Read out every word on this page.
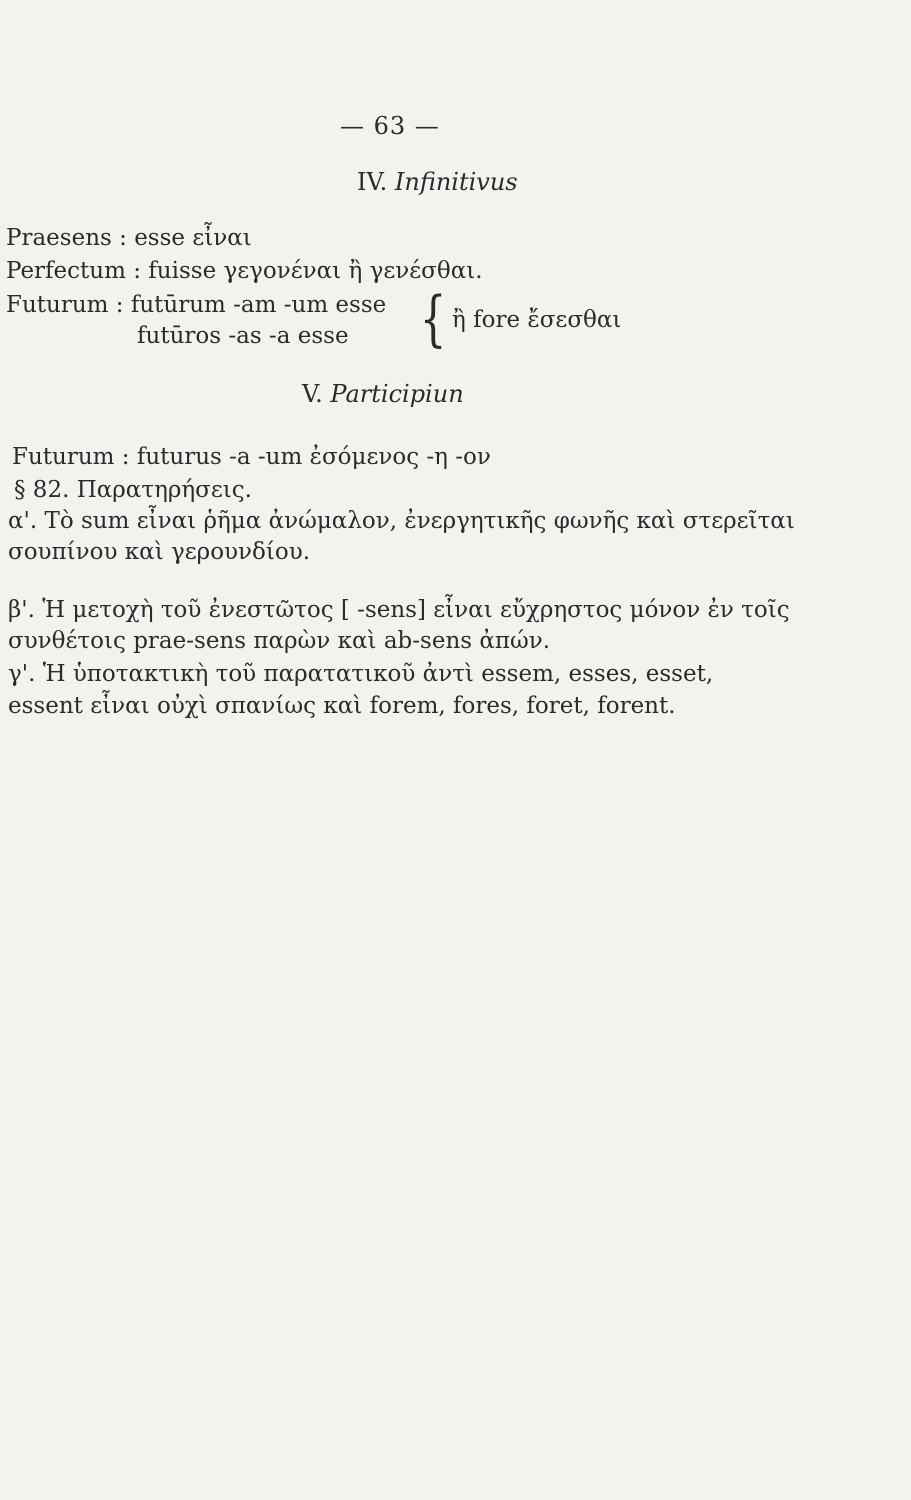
— 63 —
IV. Infinitivus
Praesens : esse εἶναι
Perfectum : fuisse γεγονέναι ἢ γενέσθαι.
Futurum : futūrum -am -um esse
futūros -as -a esse { ἢ fore ἔσεσθαι
V. Participiun
Futurum : futurus -a -um ἐσόμενος -η -ον
§ 82. Παρατηρήσεις.
α'. Τὸ sum εἶναι ῥῆμα ἀνώμαλον, ἐνεργητικῆς φωνῆς καὶ στερεῖται
σουπίνου καὶ γερουνδίου.
β'. Ἡ μετοχὴ τοῦ ἐνεστῶτος [ -sens] εἶναι εὔχρηστος μόνον ἐν τοῖς
συνθέτοις prae-sens παρὼν καὶ ab-sens ἀπών.
γ'. Ἡ ὑποτακτικὴ τοῦ παρατατικοῦ ἀντὶ essem, esses, esset,
essent εἶναι οὐχὶ σπανίως καὶ forem, fores, foret, forent.
